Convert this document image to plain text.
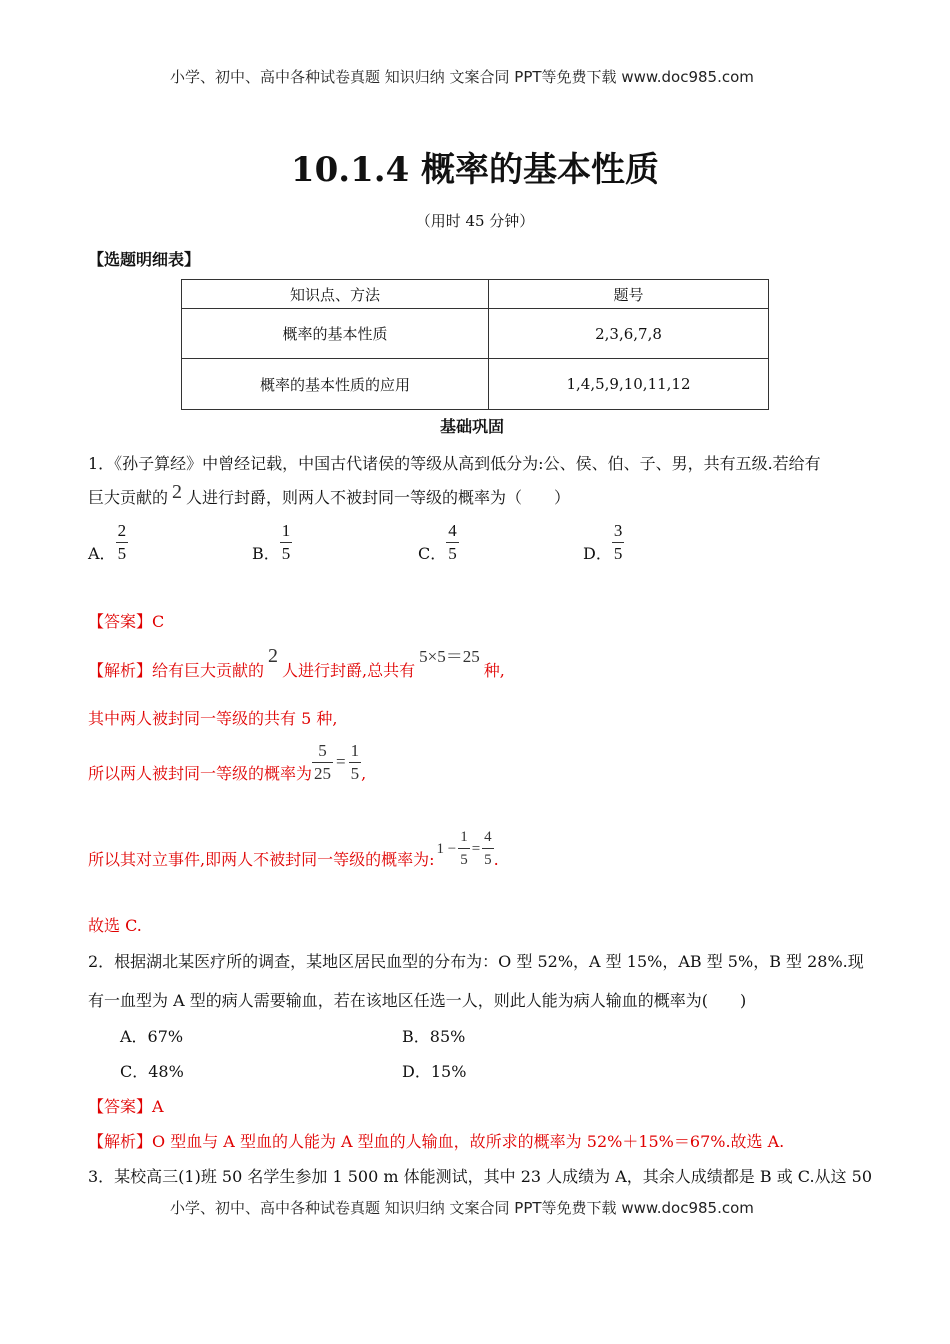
小学、初中、高中各种试卷真题 知识归纳 文案合同 PPT等免费下载 www.doc985.com
10.1.4 概率的基本性质
（用时 45 分钟）
【选题明细表】
知识点、方法	题号
概率的基本性质	2,3,6,7,8
概率的基本性质的应用	1,4,5,9,10,11,12
基础巩固
1．《孙子算经》中曾经记载，中国古代诸侯的等级从高到低分为:公、侯、伯、子、男，共有五级.若给有
巨大贡献的 2 人进行封爵，则两人不被封同一等级的概率为（　　）
A． $\frac{2}{5}$	B． $\frac{1}{5}$	C． $\frac{4}{5}$	D． $\frac{3}{5}$
【答案】C
【解析】给有巨大贡献的2人进行封爵,总共有5×5＝25种,
其中两人被封同一等级的共有 5 种,
所以两人被封同一等级的概率为 $\frac{5}{25} = \frac{1}{5}$ ,
所以其对立事件,即两人不被封同一等级的概率为:1 − $\frac{1}{5} = \frac{4}{5}$ .
故选 C.
2．根据湖北某医疗所的调查，某地区居民血型的分布为：O 型 52%，A 型 15%，AB 型 5%，B 型 28%.现
有一血型为 A 型的病人需要输血，若在该地区任选一人，则此人能为病人输血的概率为(　　)
A．67%	B．85%
C．48%	D．15%
【答案】A
【解析】O 型血与 A 型血的人能为 A 型血的人输血，故所求的概率为 52%＋15%＝67%.故选 A.
3．某校高三(1)班 50 名学生参加 1 500 m 体能测试，其中 23 人成绩为 A，其余人成绩都是 B 或 C.从这 50
小学、初中、高中各种试卷真题 知识归纳 文案合同 PPT等免费下载 www.doc985.com
